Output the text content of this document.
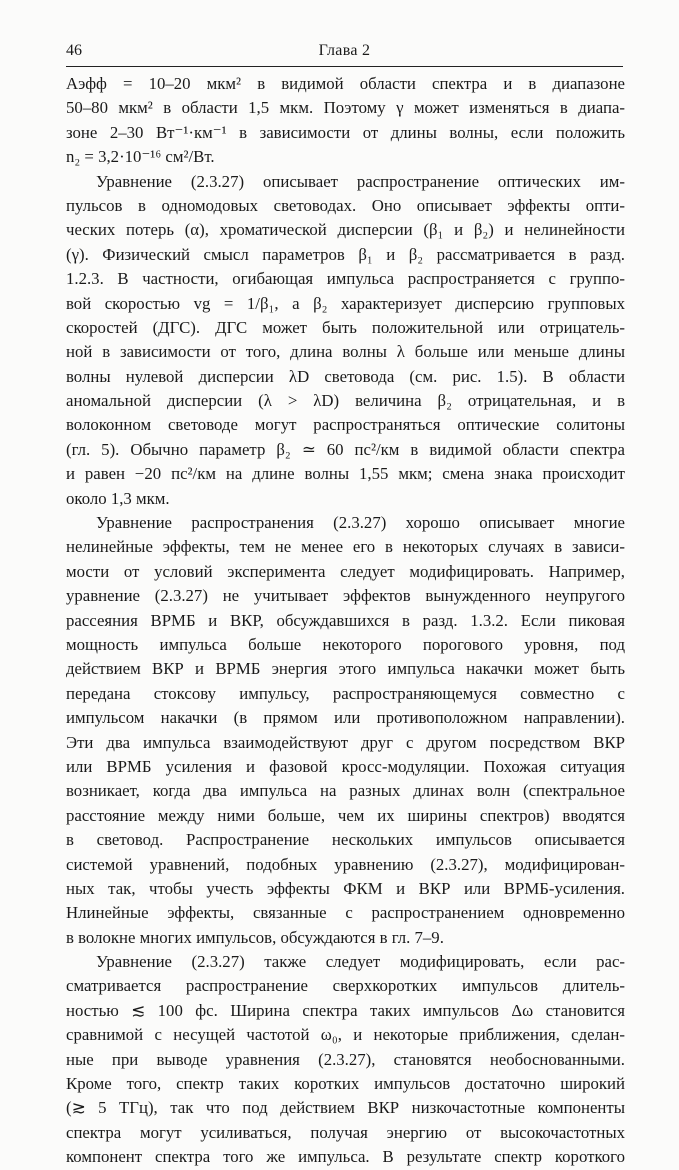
46	Глава 2
Aэфф = 10–20 мкм² в видимой области спектра и в диапазоне
50–80 мкм² в области 1,5 мкм. Поэтому γ может изменяться в диапа-
зоне 2–30 Вт⁻¹·км⁻¹ в зависимости от длины волны, если положить
n₂ = 3,2·10⁻¹⁶ см²/Вт.
Уравнение (2.3.27) описывает распространение оптических им-
пульсов в одномодовых световодах. Оно описывает эффекты опти-
ческих потерь (α), хроматической дисперсии (β₁ и β₂) и нелинейности
(γ). Физический смысл параметров β₁ и β₂ рассматривается в разд.
1.2.3. В частности, огибающая импульса распространяется с группо-
вой скоростью vg = 1/β₁, а β₂ характеризует дисперсию групповых
скоростей (ДГС). ДГС может быть положительной или отрицатель-
ной в зависимости от того, длина волны λ больше или меньше длины
волны нулевой дисперсии λD световода (см. рис. 1.5). В области
аномальной дисперсии (λ > λD) величина β₂ отрицательная, и в
волоконном световоде могут распространяться оптические солитоны
(гл. 5). Обычно параметр β₂ ≃ 60 пс²/км в видимой области спектра
и равен −20 пс²/км на длине волны 1,55 мкм; смена знака происходит
около 1,3 мкм.
Уравнение распространения (2.3.27) хорошо описывает многие
нелинейные эффекты, тем не менее его в некоторых случаях в зависи-
мости от условий эксперимента следует модифицировать. Например,
уравнение (2.3.27) не учитывает эффектов вынужденного неупругого
рассеяния ВРМБ и ВКР, обсуждавшихся в разд. 1.3.2. Если пиковая
мощность импульса больше некоторого порогового уровня, под
действием ВКР и ВРМБ энергия этого импульса накачки может быть
передана стоксову импульсу, распространяющемуся совместно с
импульсом накачки (в прямом или противоположном направлении).
Эти два импульса взаимодействуют друг с другом посредством ВКР
или ВРМБ усиления и фазовой кросс-модуляции. Похожая ситуация
возникает, когда два импульса на разных длинах волн (спектральное
расстояние между ними больше, чем их ширины спектров) вводятся
в световод. Распространение нескольких импульсов описывается
системой уравнений, подобных уравнению (2.3.27), модифицирован-
ных так, чтобы учесть эффекты ФКМ и ВКР или ВРМБ-усиления.
Нлинейные эффекты, связанные с распространением одновременно
в волокне многих импульсов, обсуждаются в гл. 7–9.
Уравнение (2.3.27) также следует модифицировать, если рас-
сматривается распространение сверхкоротких импульсов длитель-
ностью ≲ 100 фс. Ширина спектра таких импульсов Δω становится
сравнимой с несущей частотой ω₀, и некоторые приближения, сделан-
ные при выводе уравнения (2.3.27), становятся необоснованными.
Кроме того, спектр таких коротких импульсов достаточно широкий
(≳ 5 ТГц), так что под действием ВКР низкочастотные компоненты
спектра могут усиливаться, получая энергию от высокочастотных
компонент спектра того же импульса. В результате спектр короткого
